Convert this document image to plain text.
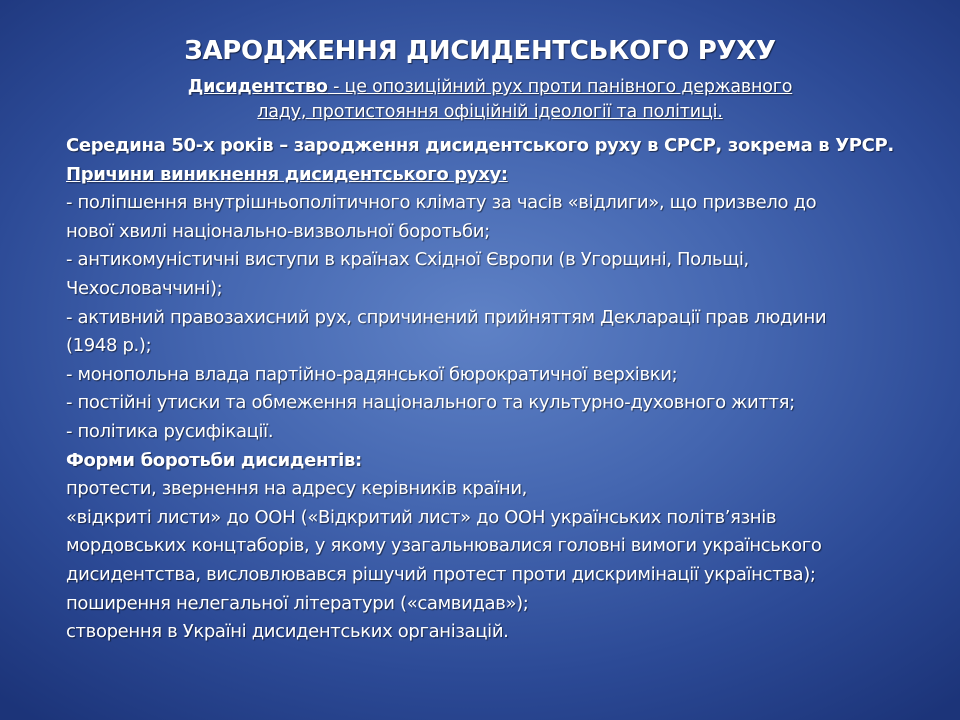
ЗАРОДЖЕННЯ ДИСИДЕНТСЬКОГО РУХУ
Дисидентство - це опозиційний рух проти панівного державного
ладу, протистояння офіційній ідеології та політиці.
Середина 50-х років – зародження дисидентського руху в СРСР, зокрема в УРСР.
Причини виникнення дисидентського руху:
- поліпшення внутрішньополітичного клімату за часів «відлиги», що призвело до
нової хвилі національно-визвольної боротьби;
- антикомуністичні виступи в країнах Східної Європи (в Угорщині, Польщі,
Чехословаччині);
- активний правозахисний рух, спричинений прийняттям Декларації прав людини
(1948 р.);
- монопольна влада партійно-радянської бюрократичної верхівки;
- постійні утиски та обмеження національного та культурно-духовного життя;
- політика русифікації.
Форми боротьби дисидентів:
протести, звернення на адресу керівників країни,
«відкриті листи» до ООН («Відкритий лист» до ООН українських політв’язнів
мордовських концтаборів, у якому узагальнювалися головні вимоги українського
дисидентства, висловлювався рішучий протест проти дискримінації українства);
поширення нелегальної літератури («самвидав»);
створення в Україні дисидентських організацій.
